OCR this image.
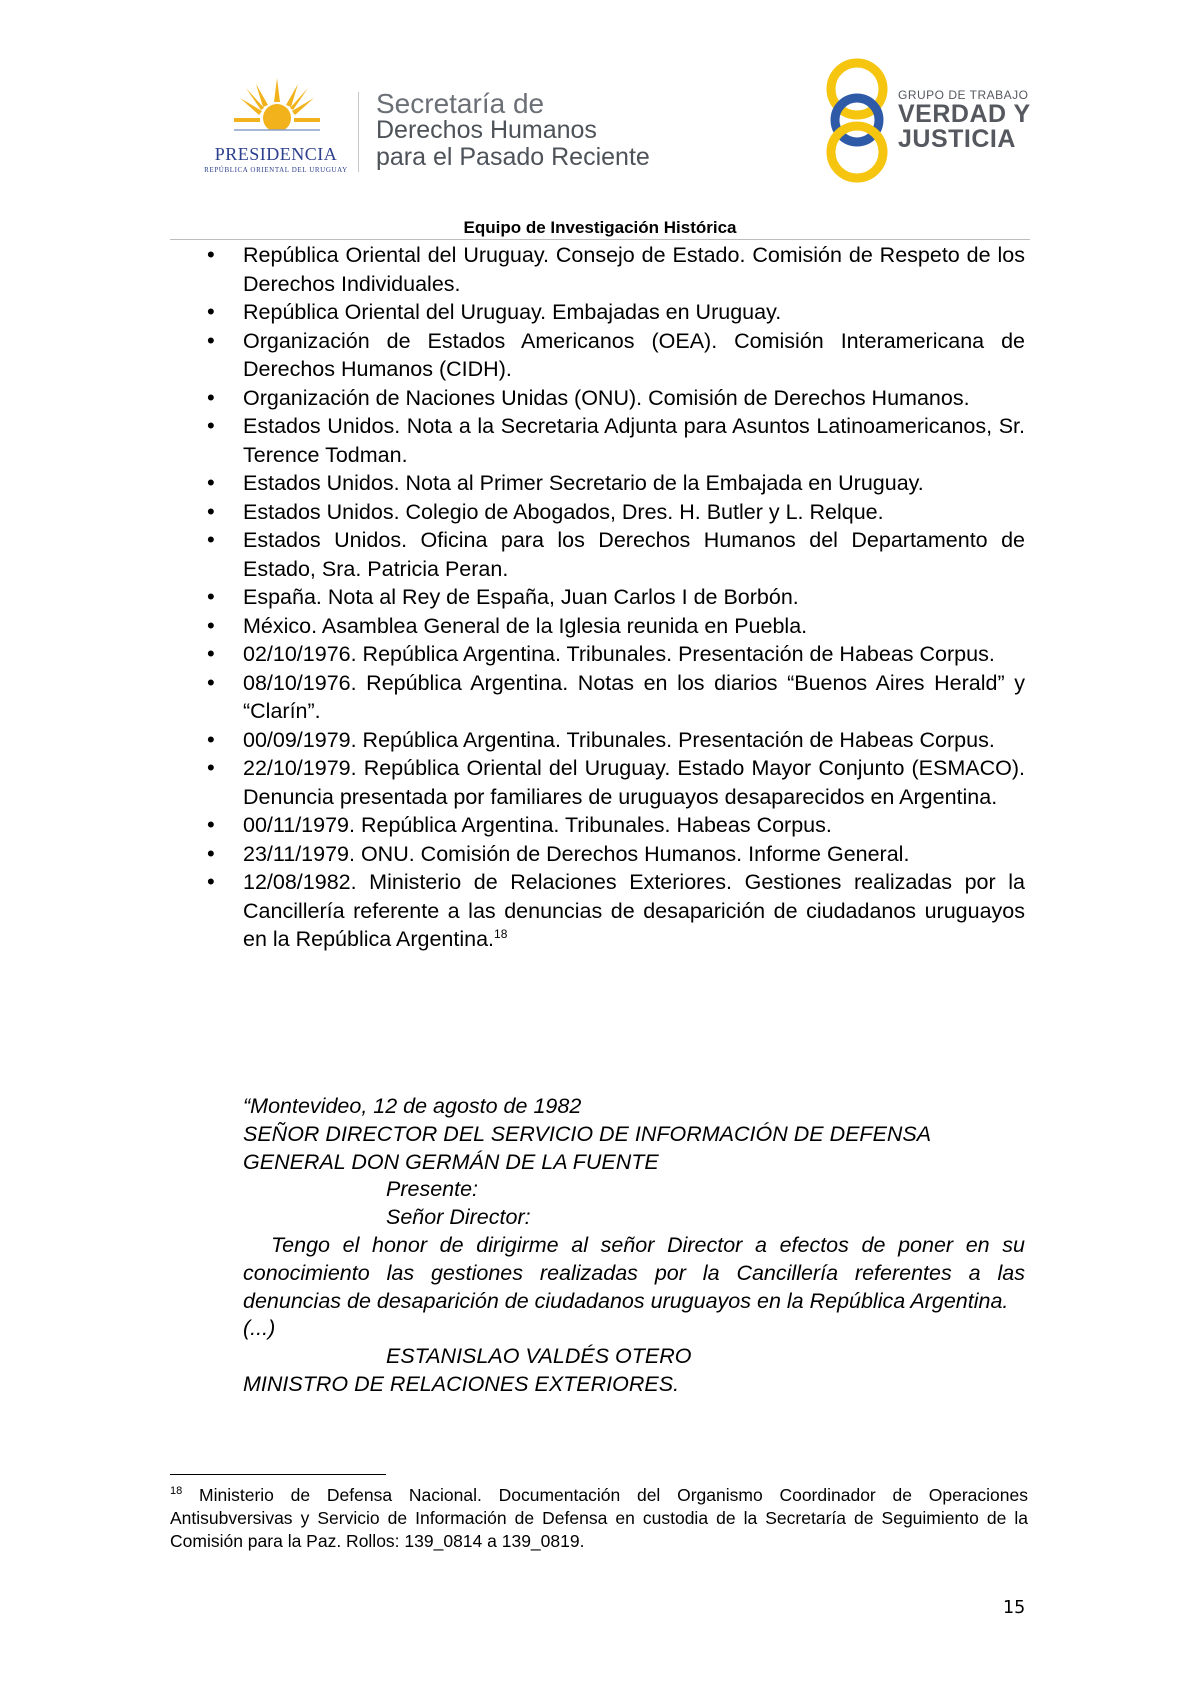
PRESIDENCIA
REPÚBLICA ORIENTAL DEL URUGUAY
Secretaría de
Derechos Humanos
para el Pasado Reciente
GRUPO DE TRABAJO
VERDAD Y
JUSTICIA
Equipo de Investigación Histórica
• República Oriental del Uruguay. Consejo de Estado. Comisión de Respeto de los Derechos Individuales.
• República Oriental del Uruguay. Embajadas en Uruguay.
• Organización de Estados Americanos (OEA). Comisión Interamericana de Derechos Humanos (CIDH).
• Organización de Naciones Unidas (ONU). Comisión de Derechos Humanos.
• Estados Unidos. Nota a la Secretaria Adjunta para Asuntos Latinoamericanos, Sr. Terence Todman.
• Estados Unidos. Nota al Primer Secretario de la Embajada en Uruguay.
• Estados Unidos. Colegio de Abogados, Dres. H. Butler y L. Relque.
• Estados Unidos. Oficina para los Derechos Humanos del Departamento de Estado, Sra. Patricia Peran.
• España. Nota al Rey de España, Juan Carlos I de Borbón.
• México. Asamblea General de la Iglesia reunida en Puebla.
• 02/10/1976. República Argentina. Tribunales. Presentación de Habeas Corpus.
• 08/10/1976. República Argentina. Notas en los diarios “Buenos Aires Herald” y “Clarín”.
• 00/09/1979. República Argentina. Tribunales. Presentación de Habeas Corpus.
• 22/10/1979. República Oriental del Uruguay. Estado Mayor Conjunto (ESMACO). Denuncia presentada por familiares de uruguayos desaparecidos en Argentina.
• 00/11/1979. República Argentina. Tribunales. Habeas Corpus.
• 23/11/1979. ONU. Comisión de Derechos Humanos. Informe General.
• 12/08/1982. Ministerio de Relaciones Exteriores. Gestiones realizadas por la Cancillería referente a las denuncias de desaparición de ciudadanos uruguayos en la República Argentina.$^{18}$

“Montevideo, 12 de agosto de 1982

SEÑOR DIRECTOR DEL SERVICIO DE INFORMACIÓN DE DEFENSA

GENERAL DON GERMÁN DE LA FUENTE

Presente:

Señor Director:

Tengo el honor de dirigirme al señor Director a efectos de poner en su conocimiento las gestiones realizadas por la Cancillería referentes a las denuncias de desaparición de ciudadanos uruguayos en la República Argentina.

(...)

ESTANISLAO VALDÉS OTERO

MINISTRO DE RELACIONES EXTERIORES.

$^{18}$ Ministerio de Defensa Nacional. Documentación del Organismo Coordinador de Operaciones Antisubversivas y Servicio de Información de Defensa en custodia de la Secretaría de Seguimiento de la Comisión para la Paz. Rollos: 139_0814 a 139_0819.

15
